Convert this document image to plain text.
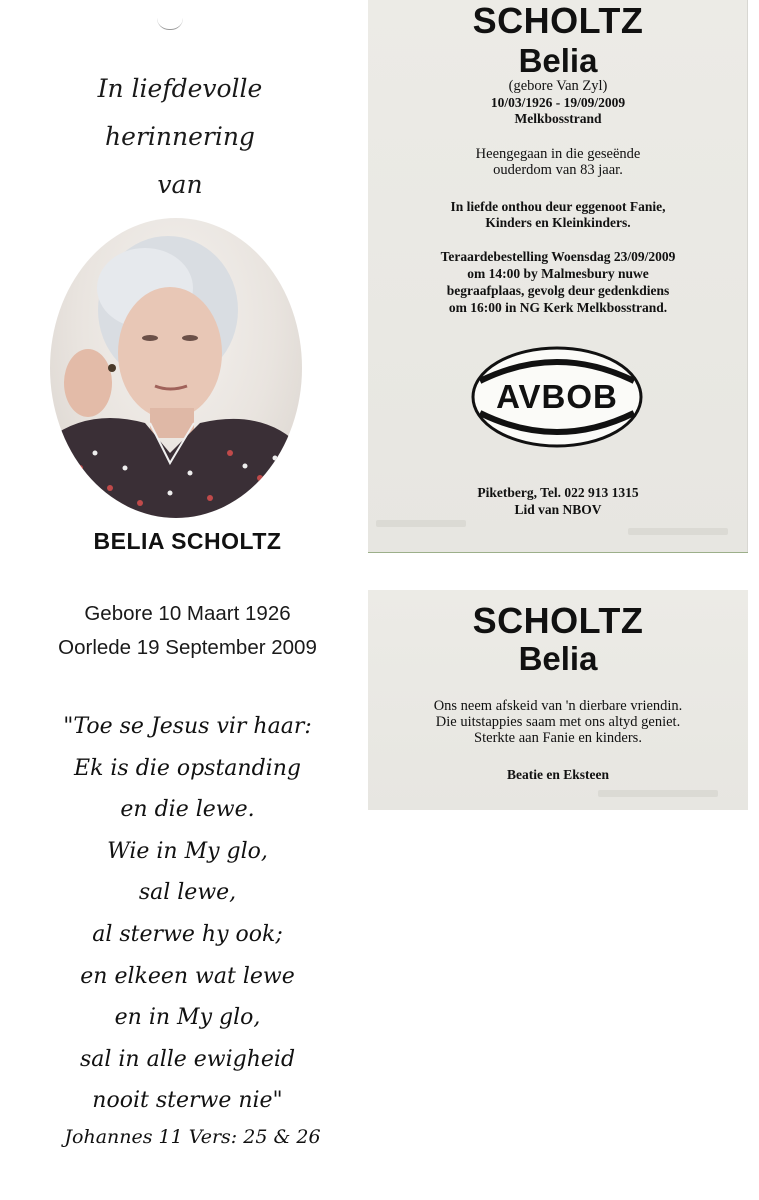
In liefdevolle
herinnering
van
BELIA SCHOLTZ
Gebore 10 Maart 1926
Oorlede 19 September 2009
"Toe se Jesus vir haar:
Ek is die opstanding
en die lewe.
Wie in My glo,
sal lewe,
al sterwe hy ook;
en elkeen wat lewe
en in My glo,
sal in alle ewigheid
nooit sterwe nie"
Johannes 11 Vers: 25 & 26
SCHOLTZ
Belia
(gebore Van Zyl)
10/03/1926 - 19/09/2009
Melkbosstrand
Heengegaan in die geseënde
ouderdom van 83 jaar.
In liefde onthou deur eggenoot Fanie,
Kinders en Kleinkinders.
Teraardebestelling Woensdag 23/09/2009
om 14:00 by Malmesbury nuwe
begraafplaas, gevolg deur gedenkdiens
om 16:00 in NG Kerk Melkbosstrand.
AVBOB
Piketberg, Tel. 022 913 1315
Lid van NBOV
SCHOLTZ
Belia
Ons neem afskeid van 'n dierbare vriendin.
Die uitstappies saam met ons altyd geniet.
Sterkte aan Fanie en kinders.
Beatie en Eksteen
